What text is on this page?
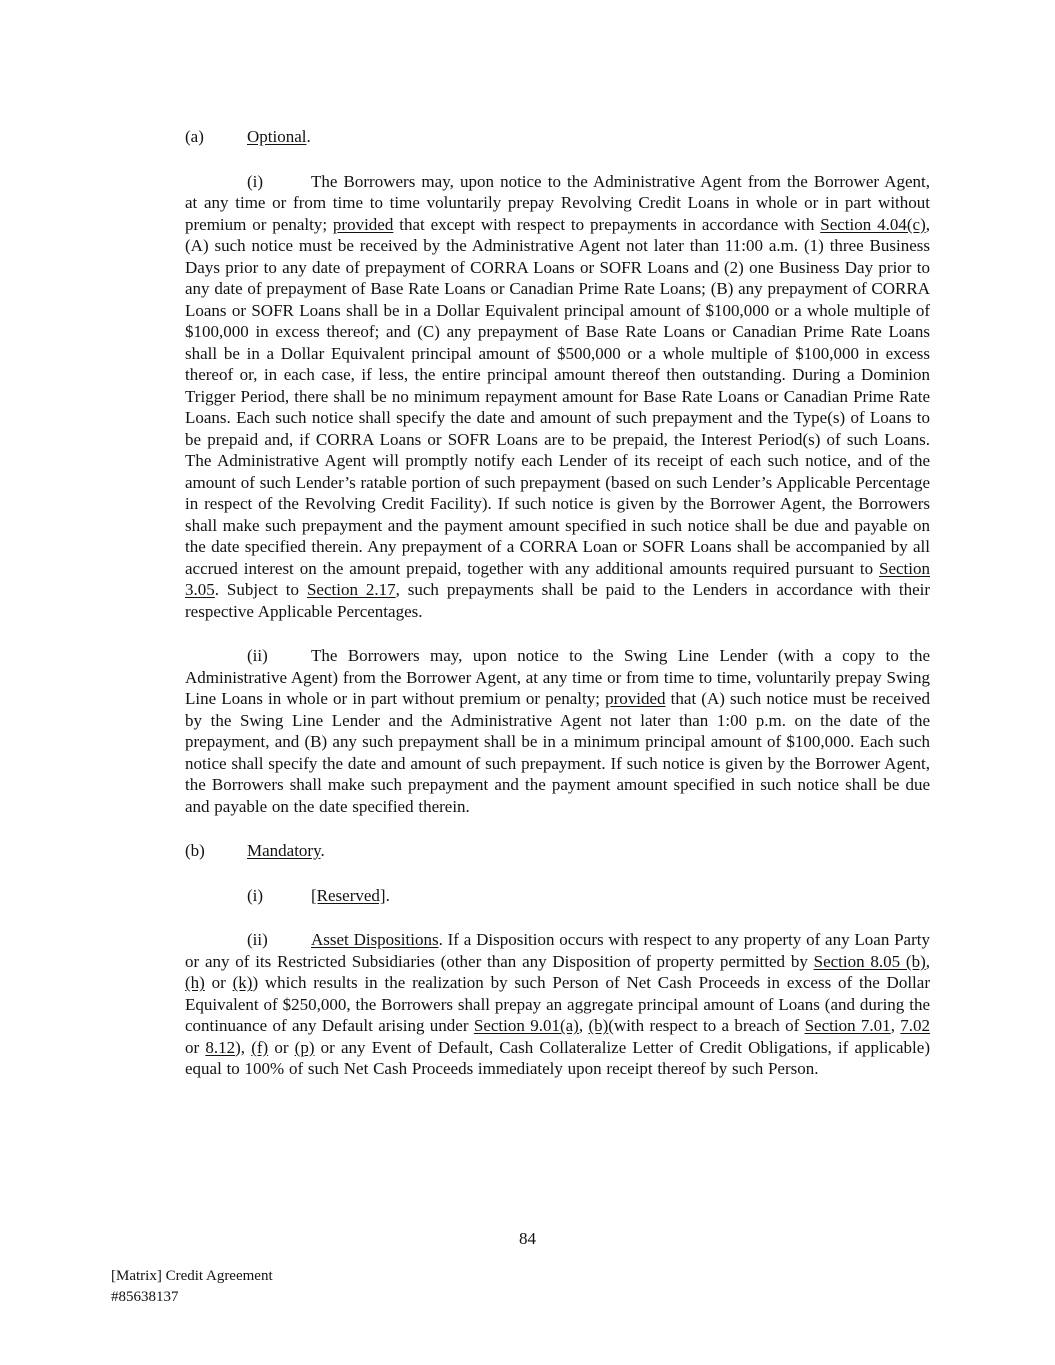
(a)	Optional.

(i)	The Borrowers may, upon notice to the Administrative Agent from the Borrower Agent, at any time or from time to time voluntarily prepay Revolving Credit Loans in whole or in part without premium or penalty; provided that except with respect to prepayments in accordance with Section 4.04(c), (A) such notice must be received by the Administrative Agent not later than 11:00 a.m. (1) three Business Days prior to any date of prepayment of CORRA Loans or SOFR Loans and (2) one Business Day prior to any date of prepayment of Base Rate Loans or Canadian Prime Rate Loans; (B) any prepayment of CORRA Loans or SOFR Loans shall be in a Dollar Equivalent principal amount of $100,000 or a whole multiple of $100,000 in excess thereof; and (C) any prepayment of Base Rate Loans or Canadian Prime Rate Loans shall be in a Dollar Equivalent principal amount of $500,000 or a whole multiple of $100,000 in excess thereof or, in each case, if less, the entire principal amount thereof then outstanding. During a Dominion Trigger Period, there shall be no minimum repayment amount for Base Rate Loans or Canadian Prime Rate Loans. Each such notice shall specify the date and amount of such prepayment and the Type(s) of Loans to be prepaid and, if CORRA Loans or SOFR Loans are to be prepaid, the Interest Period(s) of such Loans. The Administrative Agent will promptly notify each Lender of its receipt of each such notice, and of the amount of such Lender’s ratable portion of such prepayment (based on such Lender’s Applicable Percentage in respect of the Revolving Credit Facility). If such notice is given by the Borrower Agent, the Borrowers shall make such prepayment and the payment amount specified in such notice shall be due and payable on the date specified therein. Any prepayment of a CORRA Loan or SOFR Loans shall be accompanied by all accrued interest on the amount prepaid, together with any additional amounts required pursuant to Section 3.05. Subject to Section 2.17, such prepayments shall be paid to the Lenders in accordance with their respective Applicable Percentages.

(ii)	The Borrowers may, upon notice to the Swing Line Lender (with a copy to the Administrative Agent) from the Borrower Agent, at any time or from time to time, voluntarily prepay Swing Line Loans in whole or in part without premium or penalty; provided that (A) such notice must be received by the Swing Line Lender and the Administrative Agent not later than 1:00 p.m. on the date of the prepayment, and (B) any such prepayment shall be in a minimum principal amount of $100,000. Each such notice shall specify the date and amount of such prepayment. If such notice is given by the Borrower Agent, the Borrowers shall make such prepayment and the payment amount specified in such notice shall be due and payable on the date specified therein.

(b) Mandatory.

(i)	[Reserved].

(ii)	Asset Dispositions. If a Disposition occurs with respect to any property of any Loan Party or any of its Restricted Subsidiaries (other than any Disposition of property permitted by Section 8.05 (b), (h) or (k)) which results in the realization by such Person of Net Cash Proceeds in excess of the Dollar Equivalent of $250,000, the Borrowers shall prepay an aggregate principal amount of Loans (and during the continuance of any Default arising under Section 9.01(a), (b)(with respect to a breach of Section 7.01, 7.02 or 8.12), (f) or (p) or any Event of Default, Cash Collateralize Letter of Credit Obligations, if applicable) equal to 100% of such Net Cash Proceeds immediately upon receipt thereof by such Person.

84
[Matrix] Credit Agreement
#85638137
